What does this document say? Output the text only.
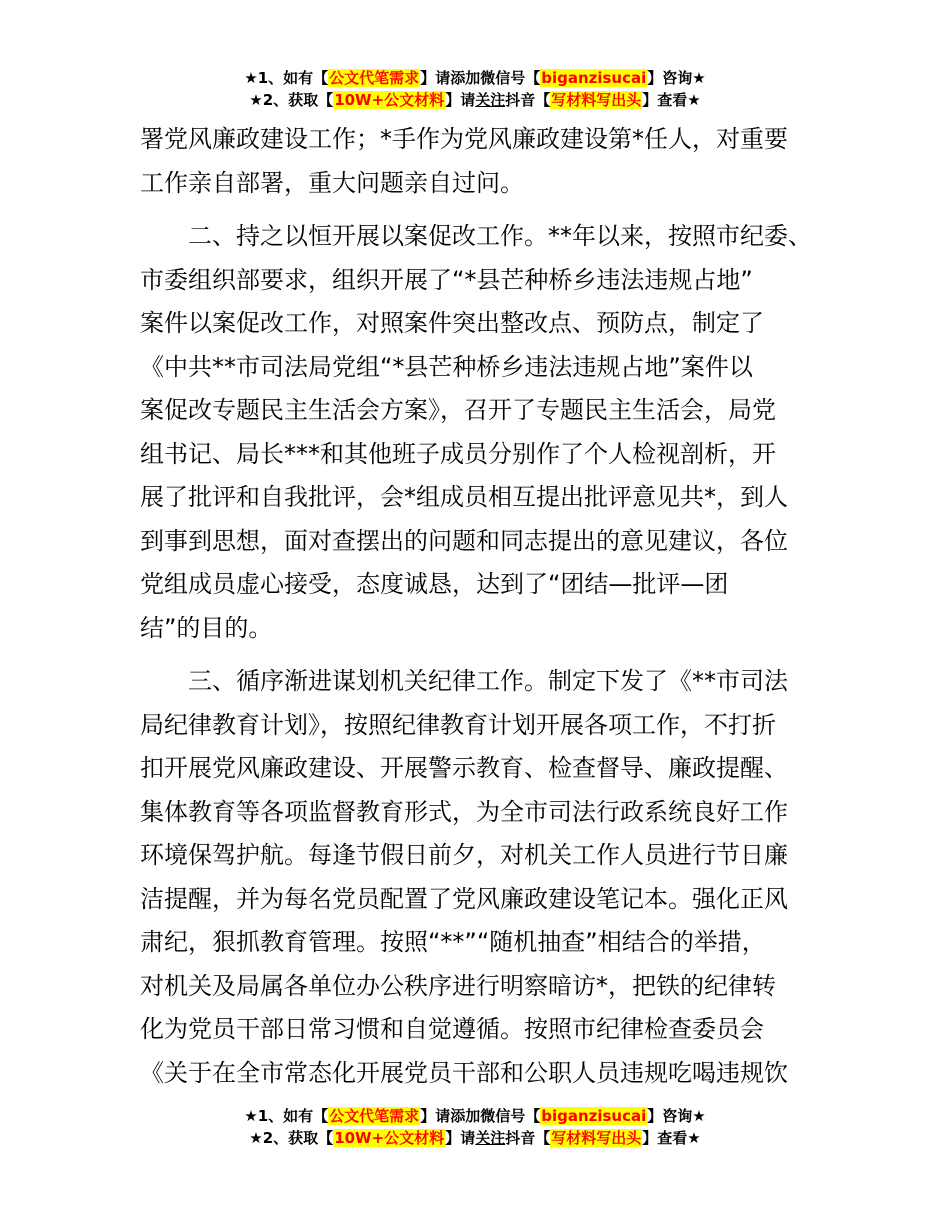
★1、如有【公文代笔需求】请添加微信号【biganzisucai】咨询★
★2、获取【10W+公文材料】请关注抖音【写材料写出头】查看★
署党风廉政建设工作；*手作为党风廉政建设第*任人，对重要
工作亲自部署，重大问题亲自过问。
二、持之以恒开展以案促改工作。**年以来，按照市纪委、
市委组织部要求，组织开展了“*县芒种桥乡违法违规占地”
案件以案促改工作，对照案件突出整改点、预防点，制定了
《中共**市司法局党组“*县芒种桥乡违法违规占地”案件以
案促改专题民主生活会方案》，召开了专题民主生活会，局党
组书记、局长***和其他班子成员分别作了个人检视剖析，开
展了批评和自我批评，会*组成员相互提出批评意见共*，到人
到事到思想，面对查摆出的问题和同志提出的意见建议，各位
党组成员虚心接受，态度诚恳，达到了“团结—批评—团
结”的目的。
三、循序渐进谋划机关纪律工作。制定下发了《**市司法
局纪律教育计划》，按照纪律教育计划开展各项工作，不打折
扣开展党风廉政建设、开展警示教育、检查督导、廉政提醒、
集体教育等各项监督教育形式，为全市司法行政系统良好工作
环境保驾护航。每逢节假日前夕，对机关工作人员进行节日廉
洁提醒，并为每名党员配置了党风廉政建设笔记本。强化正风
肃纪，狠抓教育管理。按照“**”“随机抽查”相结合的举措，
对机关及局属各单位办公秩序进行明察暗访*，把铁的纪律转
化为党员干部日常习惯和自觉遵循。按照市纪律检查委员会
《关于在全市常态化开展党员干部和公职人员违规吃喝违规饮
★1、如有【公文代笔需求】请添加微信号【biganzisucai】咨询★
★2、获取【10W+公文材料】请关注抖音【写材料写出头】查看★
